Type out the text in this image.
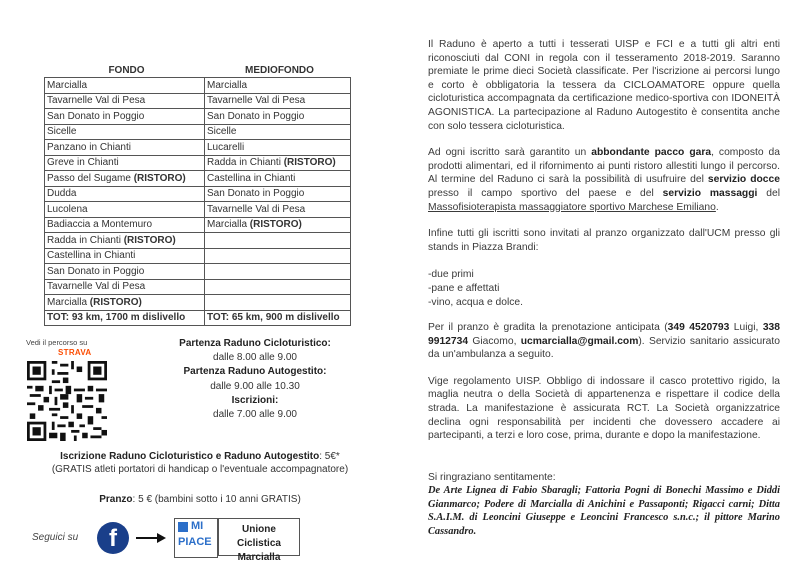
FONDO	MEDIOFONDO
Marcialla	Marcialla
Tavarnelle Val di Pesa	Tavarnelle Val di Pesa
San Donato in Poggio	San Donato in Poggio
Sicelle	Sicelle
Panzano in Chianti	Lucarelli
Greve in Chianti	Radda in Chianti (RISTORO)
Passo del Sugame (RISTORO)	Castellina in Chianti
Dudda	San Donato in Poggio
Lucolena	Tavarnelle Val di Pesa
Badiaccia a Montemuro	Marcialla (RISTORO)
Radda in Chianti (RISTORO)	
Castellina in Chianti	
San Donato in Poggio	
Tavarnelle Val di Pesa	
Marcialla (RISTORO)	
TOT: 93 km, 1700 m dislivello	TOT: 65 km, 900 m dislivello
Vedi il percorso su
STRAVA
Partenza Raduno Cicloturistico:
dalle 8.00 alle 9.00
Partenza Raduno Autogestito:
dalle 9.00 alle 10.30
Iscrizioni:
dalle 7.00 alle 9.00
Iscrizione Raduno Cicloturistico e Raduno Autogestito: 5€*
(GRATIS atleti portatori di handicap o l'eventuale accompagnatore)
Pranzo: 5 € (bambini sotto i 10 anni GRATIS)
Seguici su	f	MI
PIACE
Unione Ciclistica
Marcialla

Il Raduno è aperto a tutti i tesserati UISP e FCI e a tutti gli altri enti riconosciuti dal CONI in regola con il tesseramento 2018-2019. Saranno premiate le prime dieci Società classificate. Per l'iscrizione ai percorsi lungo e corto è obbligatoria la tessera da CICLOAMATORE oppure quella cicloturistica accompagnata da certificazione medico-sportiva con IDONEITÀ AGONISTICA. La partecipazione al Raduno Autogestito è consentita anche con solo tessera cicloturistica.

Ad ogni iscritto sarà garantito un abbondante pacco gara, composto da prodotti alimentari, ed il rifornimento ai punti ristoro allestiti lungo il percorso. Al termine del Raduno ci sarà la possibilità di usufruire del servizio docce presso il campo sportivo del paese e del servizio massaggi del Massofisioterapista massaggiatore sportivo Marchese Emiliano.

Infine tutti gli iscritti sono invitati al pranzo organizzato dall'UCM presso gli stands in Piazza Brandi:

-due primi
-pane e affettati
-vino, acqua e dolce.

Per il pranzo è gradita la prenotazione anticipata (349 4520793 Luigi, 338 9912734 Giacomo, ucmarcialla@gmail.com). Servizio sanitario assicurato da un'ambulanza a seguito.

Vige regolamento UISP. Obbligo di indossare il casco protettivo rigido, la maglia neutra o della Società di appartenenza e rispettare il codice della strada. La manifestazione è assicurata RCT. La Società organizzatrice declina ogni responsabilità per incidenti che dovessero accadere ai partecipanti, a terzi e loro cose, prima, durante e dopo la manifestazione.

Si ringraziano sentitamente:
De Arte Lignea di Fabio Sbaragli; Fattoria Pogni di Bonechi Massimo e Diddi Gianmarco; Podere di Marcialla di Anichini e Passaponti; Rigacci carni; Ditta S.A.I.M. di Leoncini Giuseppe e Leoncini Francesco s.n.c.; il pittore Marino Cassandro.
